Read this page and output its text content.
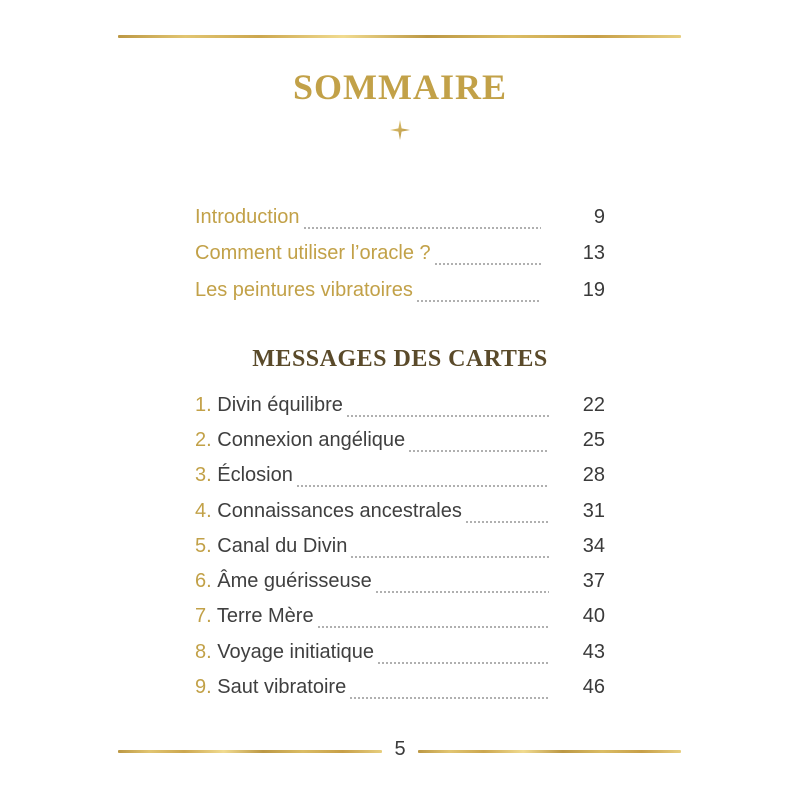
SOMMAIRE
Introduction	9
Comment utiliser l’oracle ?	13
Les peintures vibratoires	19
MESSAGES DES CARTES
1. Divin équilibre	22
2. Connexion angélique	25
3. Éclosion	28
4. Connaissances ancestrales	31
5. Canal du Divin	34
6. Âme guérisseuse	37
7. Terre Mère	40
8. Voyage initiatique	43
9. Saut vibratoire	46
5
